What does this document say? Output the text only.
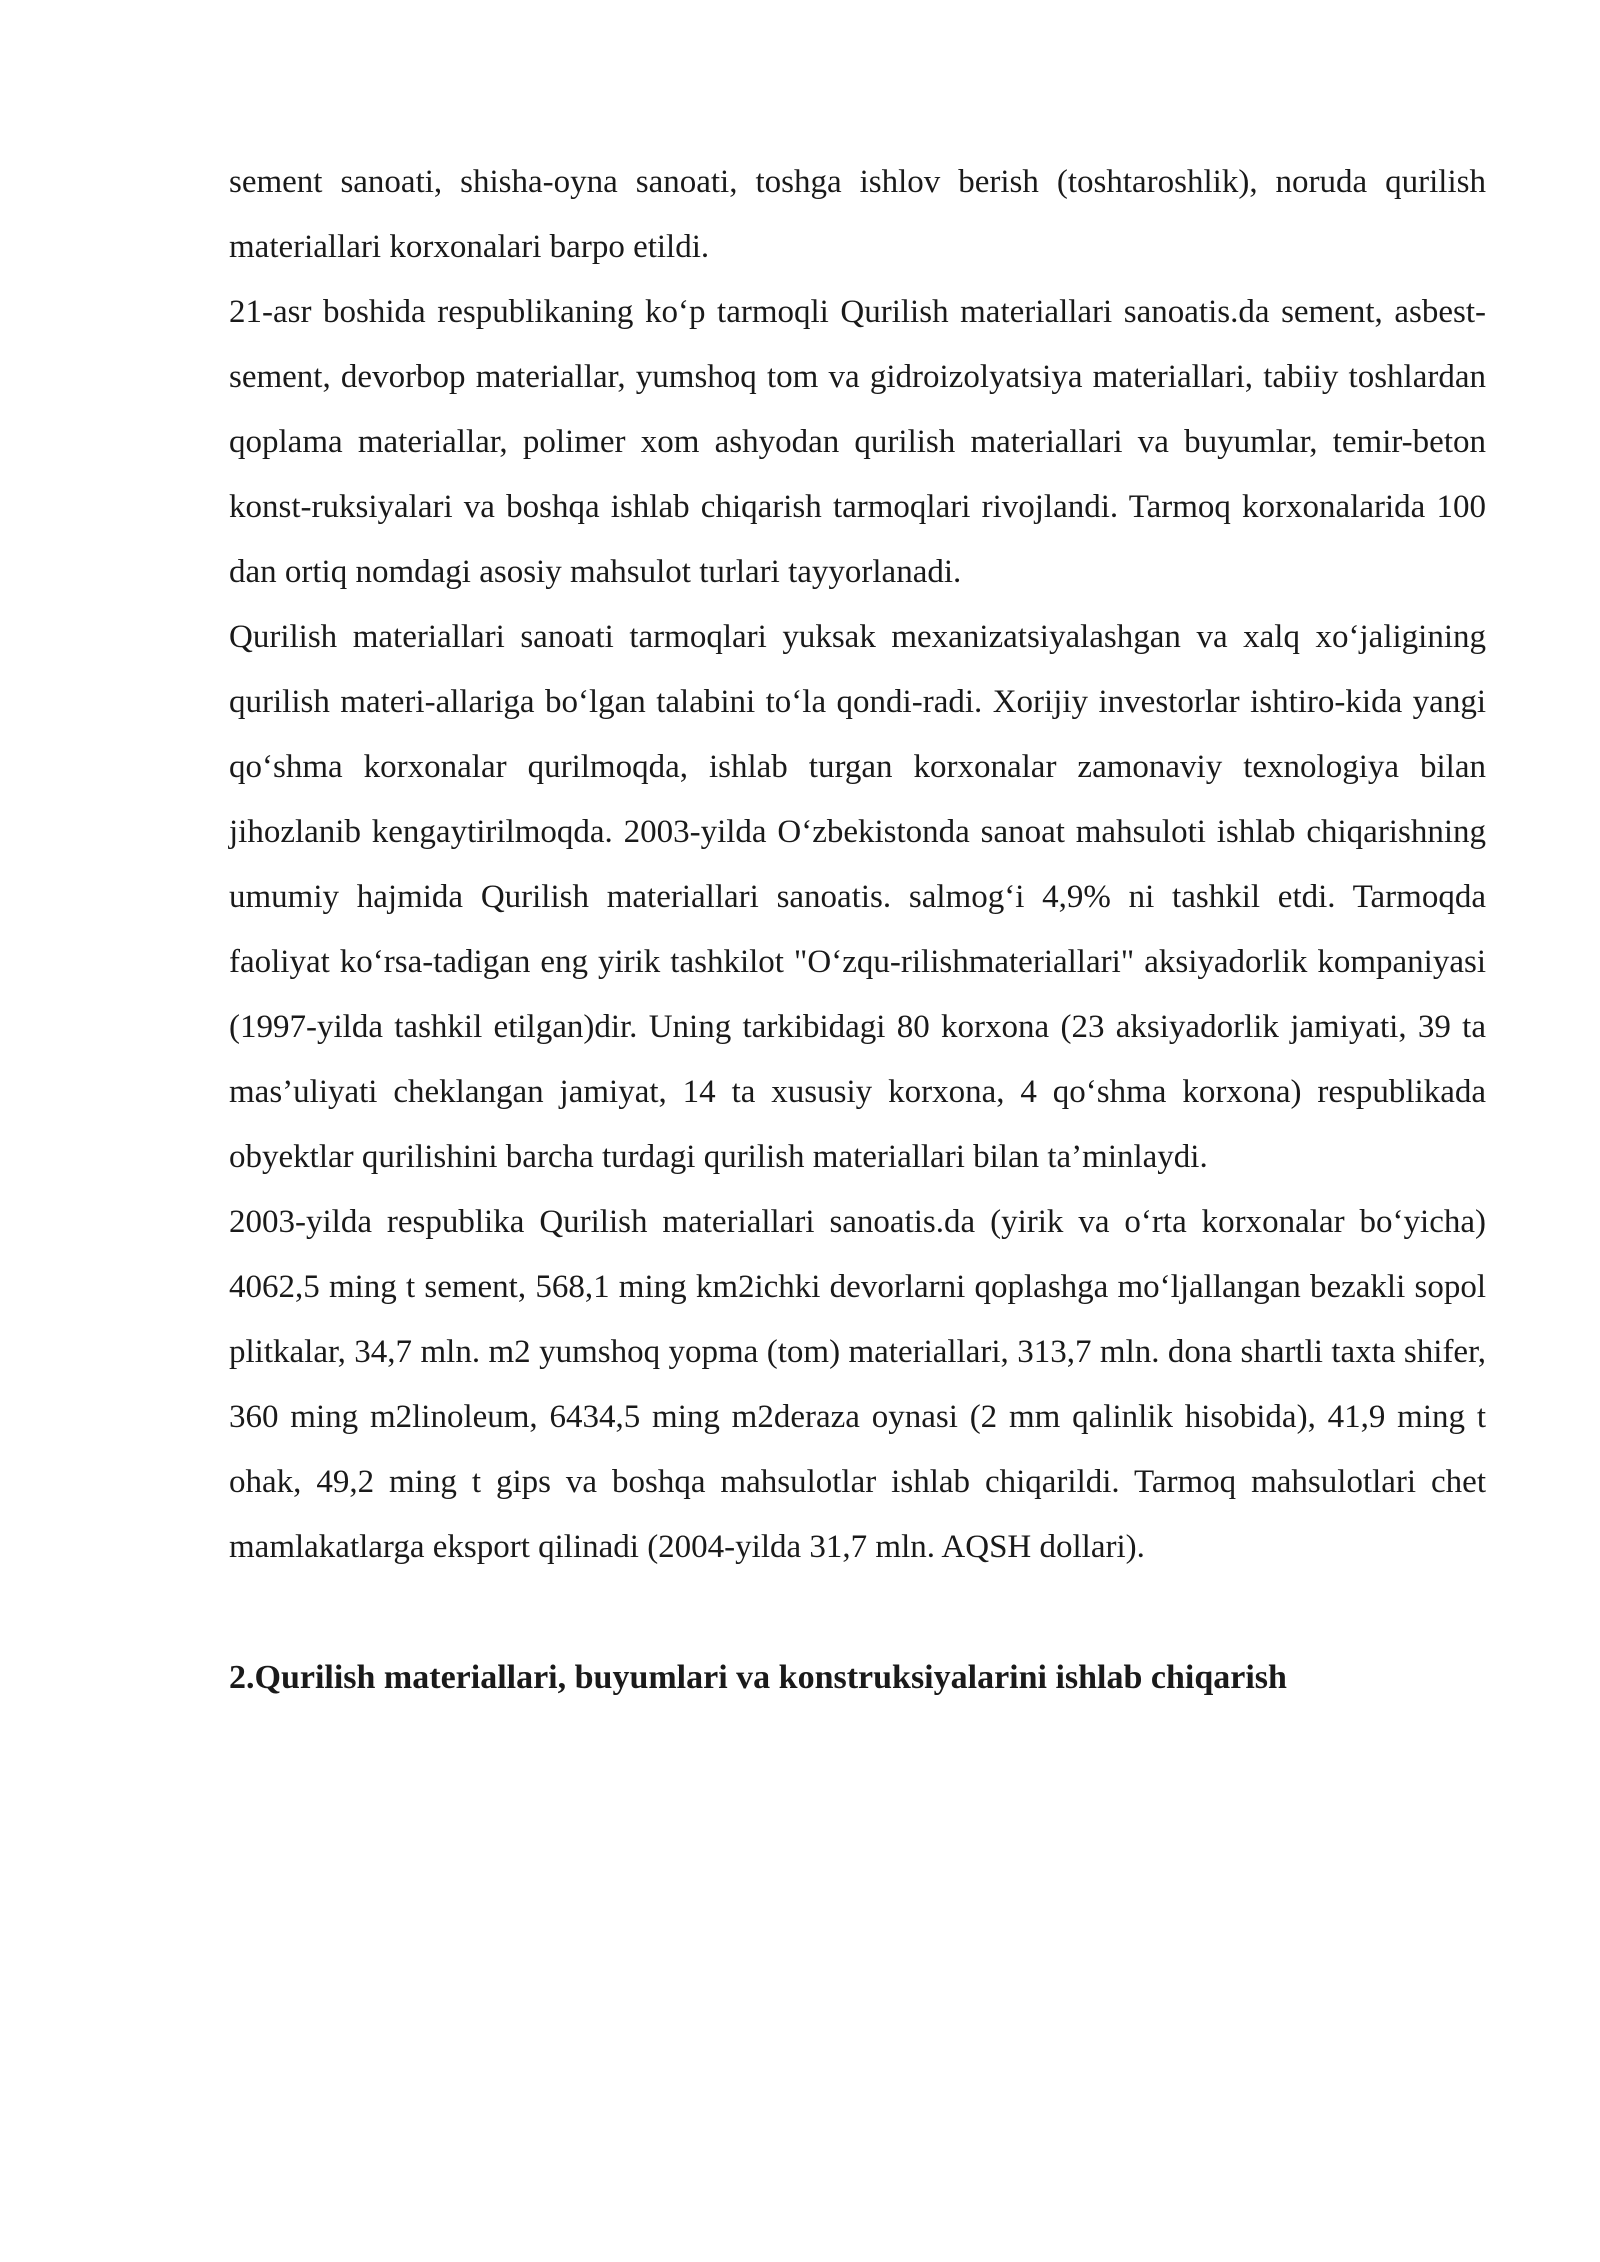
sement sanoati, shisha-oyna sanoati, toshga ishlov berish (toshtaroshlik), noruda qurilish materiallari korxonalari barpo etildi.

21-asr boshida respublikaning ko‘p tarmoqli Qurilish materiallari sanoatis.da sement, asbest-sement, devorbop materiallar, yumshoq tom va gidroizolyatsiya materiallari, tabiiy toshlardan qoplama materiallar, polimer xom ashyodan qurilish materiallari va buyumlar, temir-beton konst-ruksiyalari va boshqa ishlab chiqarish tarmoqlari rivojlandi. Tarmoq korxonalarida 100 dan ortiq nomdagi asosiy mahsulot turlari tayyorlanadi.

Qurilish materiallari sanoati tarmoqlari yuksak mexanizatsiyalashgan va xalq xo‘jaligining qurilish materi-allariga bo‘lgan talabini to‘la qondi-radi. Xorijiy investorlar ishtiro-kida yangi qo‘shma korxonalar qurilmoqda, ishlab turgan korxonalar zamonaviy texnologiya bilan jihozlanib kengaytirilmoqda. 2003-yilda O‘zbekistonda sanoat mahsuloti ishlab chiqarishning umumiy hajmida Qurilish materiallari sanoatis. salmog‘i 4,9% ni tashkil etdi. Tarmoqda faoliyat ko‘rsa-tadigan eng yirik tashkilot "O‘zqu-rilishmateriallari" aksiyadorlik kompaniyasi (1997-yilda tashkil etilgan)dir. Uning tarkibidagi 80 korxona (23 aksiyadorlik jamiyati, 39 ta mas’uliyati cheklangan jamiyat, 14 ta xususiy korxona, 4 qo‘shma korxona) respublikada obyektlar qurilishini barcha turdagi qurilish materiallari bilan ta’minlaydi.

2003-yilda respublika Qurilish materiallari sanoatis.da (yirik va o‘rta korxonalar bo‘yicha) 4062,5 ming t sement, 568,1 ming km2ichki devorlarni qoplashga mo‘ljallangan bezakli sopol plitkalar, 34,7 mln. m2 yumshoq yopma (tom) materiallari, 313,7 mln. dona shartli taxta shifer, 360 ming m2linoleum, 6434,5 ming m2deraza oynasi (2 mm qalinlik hisobida), 41,9 ming t ohak, 49,2 ming t gips va boshqa mahsulotlar ishlab chiqarildi. Tarmoq mahsulotlari chet mamlakatlarga eksport qilinadi (2004-yilda 31,7 mln. AQSH dollari).

2.Qurilish materiallari, buyumlari va konstruksiyalarini ishlab chiqarish
